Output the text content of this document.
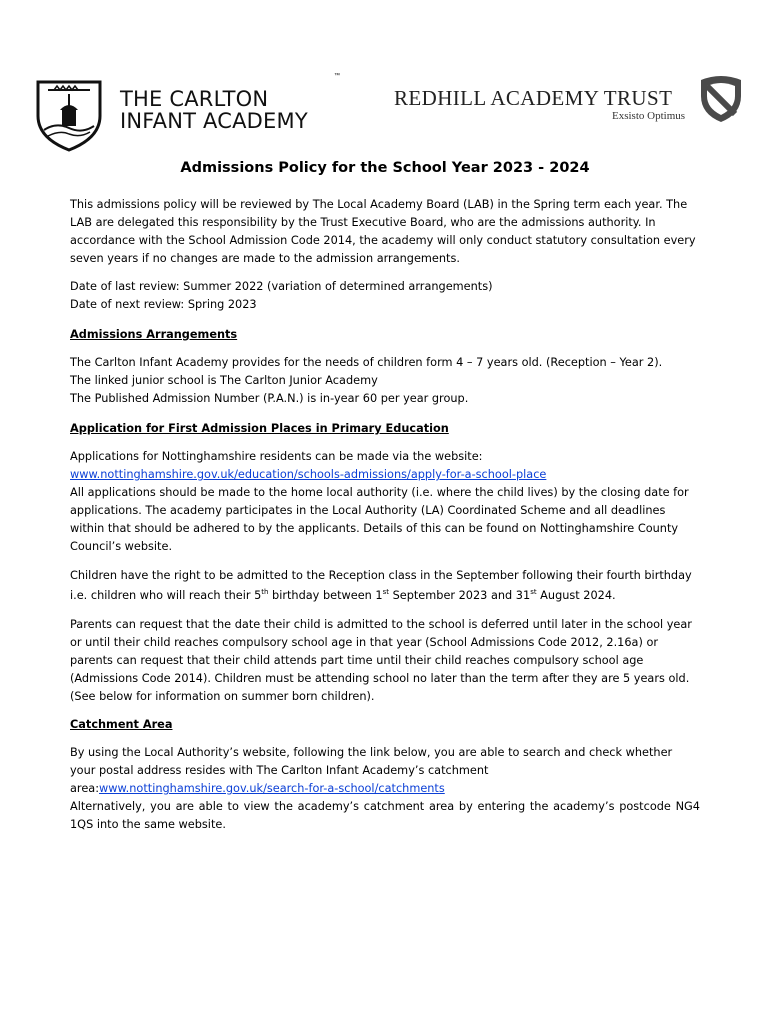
THE CARLTON
INFANT ACADEMY
™
REDHILL ACADEMY TRUST
Exsisto Optimus
Admissions Policy for the School Year 2023 - 2024

This admissions policy will be reviewed by The Local Academy Board (LAB) in the Spring term each year. The LAB are delegated this responsibility by the Trust Executive Board, who are the admissions authority. In accordance with the School Admission Code 2014, the academy will only conduct statutory consultation every seven years if no changes are made to the admission arrangements.

Date of last review: Summer 2022 (variation of determined arrangements)
Date of next review: Spring 2023

Admissions Arrangements

The Carlton Infant Academy provides for the needs of children form 4 – 7 years old. (Reception – Year 2).
The linked junior school is The Carlton Junior Academy
The Published Admission Number (P.A.N.) is in-year 60 per year group.

Application for First Admission Places in Primary Education

Applications for Nottinghamshire residents can be made via the website:
www.nottinghamshire.gov.uk/education/schools-admissions/apply-for-a-school-place
All applications should be made to the home local authority (i.e. where the child lives) by the closing date for applications. The academy participates in the Local Authority (LA) Coordinated Scheme and all deadlines within that should be adhered to by the applicants. Details of this can be found on Nottinghamshire County Council’s website.

Children have the right to be admitted to the Reception class in the September following their fourth birthday i.e. children who will reach their 5th birthday between 1st September 2023 and 31st August 2024.

Parents can request that the date their child is admitted to the school is deferred until later in the school year or until their child reaches compulsory school age in that year (School Admissions Code 2012, 2.16a) or parents can request that their child attends part time until their child reaches compulsory school age (Admissions Code 2014). Children must be attending school no later than the term after they are 5 years old. (See below for information on summer born children).

Catchment Area

By using the Local Authority’s website, following the link below, you are able to search and check whether your postal address resides with The Carlton Infant Academy’s catchment area:www.nottinghamshire.gov.uk/search-for-a-school/catchments

Alternatively, you are able to view the academy’s catchment area by entering the academy’s postcode NG4 1QS into the same website.
